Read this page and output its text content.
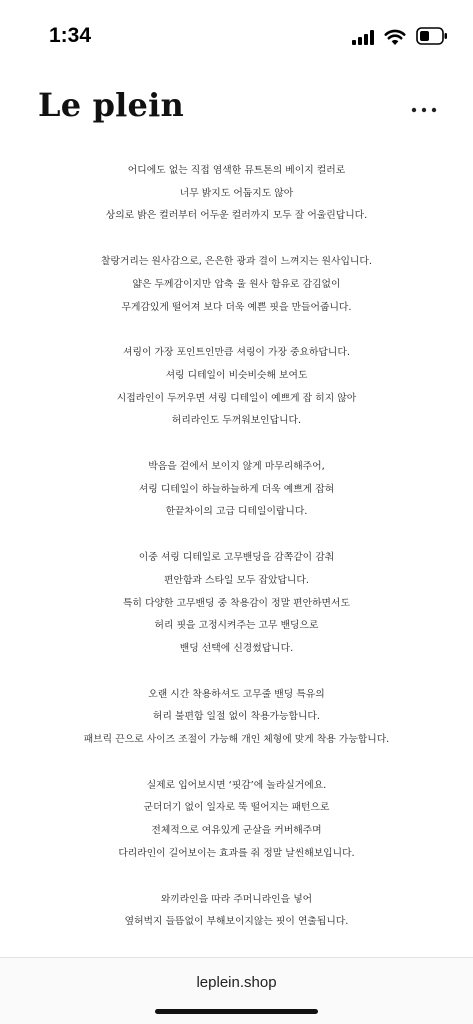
1:34
Le plein

어디에도 없는 직접 염색한 뮤트톤의 베이지 컬러로
너무 밝지도 어둡지도 않아
상의로 밝은 컬러부터 어두운 컬러까지 모두 잘 어울린답니다.

찰랑거리는 원사감으로, 은은한 광과 결이 느껴지는 원사입니다.
얇은 두께감이지만 압축 울 원사 함유로 감김없이
무게감있게 떨어져 보다 더욱 예쁜 핏을 만들어줍니다.

셔링이 가장 포인트인만큼 셔링이 가장 중요하답니다.
셔링 디테일이 비슷비슷해 보여도
시접라인이 두꺼우면 셔링 디테일이 예쁘게 잡 히지 않아
허리라인도 두꺼워보인답니다.

박음을 겉에서 보이지 않게 마무리해주어,
셔링 디테일이 하늘하늘하게 더욱 예쁘게 잡혀
한끝차이의 고급 디테일이랍니다.

이중 셔링 디테일로 고무밴딩을 감쪽같이 감춰
편안함과 스타일 모두 잡았답니다.
특히 다양한 고무밴딩 중 착용감이 정말 편안하면서도
허리 핏을 고정시켜주는 고무 밴딩으로
밴딩 선택에 신경썼답니다.

오랜 시간 착용하셔도 고무줄 밴딩 특유의
허리 불편함 일절 없이 착용가능합니다.
패브릭 끈으로 사이즈 조절이 가능해 개인 체형에 맞게 착용 가능합니다.

실제로 입어보시면 ‘핏감’에 놀라실거에요.
군더더기 없이 일자로 뚝 떨어지는 패턴으로
전체적으로 여유있게 군살을 커버해주며
다리라인이 길어보이는 효과를 줘 정말 날씬해보입니다.

와끼라인을 따라 주머니라인을 넣어
옆허벅지 들뜸없이 부해보이지않는 핏이 연출됩니다.

leplein.shop
